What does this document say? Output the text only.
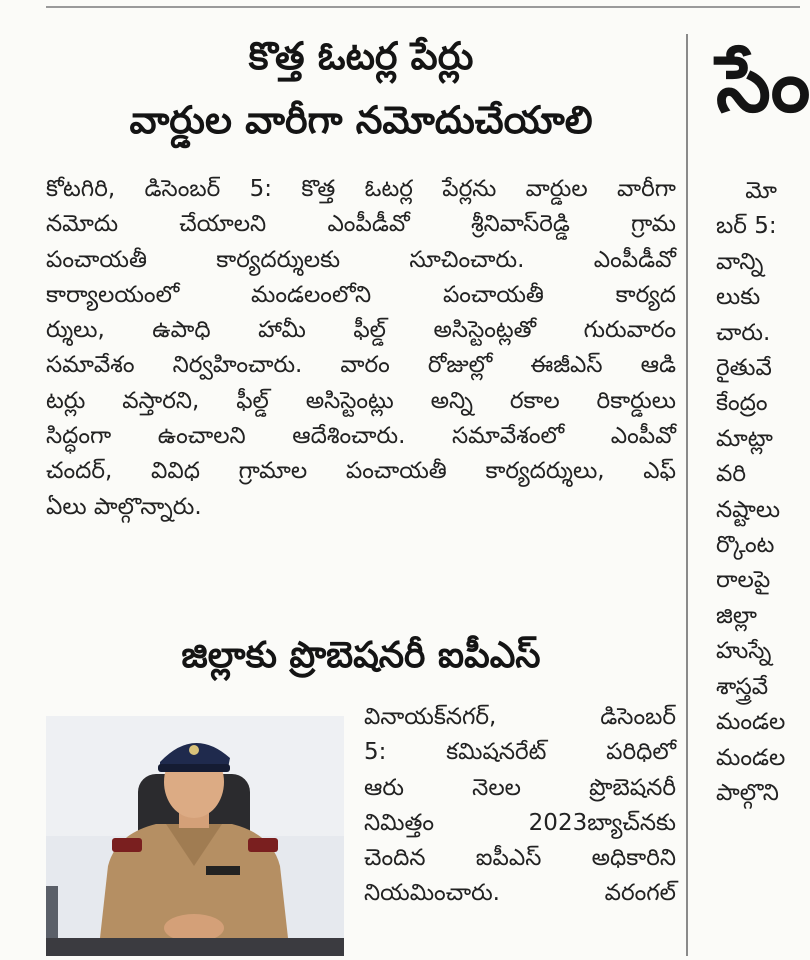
కొత్త ఓటర్ల పేర్లు
వార్డుల వారీగా నమోదుచేయాలి
కోటగిరి, డిసెంబర్ 5: కొత్త ఓటర్ల పేర్లను వార్డుల వారీగా
నమోదు చేయాలని ఎంపీడీవో శ్రీనివాస్‌రెడ్డి గ్రామ
పంచాయతీ కార్యదర్శులకు సూచించారు. ఎంపీడీవో
కార్యాలయంలో మండలంలోని పంచాయతీ కార్యద
ర్శులు, ఉపాధి హామీ ఫీల్డ్ అసిస్టెంట్లతో గురువారం
సమావేశం నిర్వహించారు. వారం రోజుల్లో ఈజీఎస్ ఆడి
టర్లు వస్తారని, ఫీల్డ్ అసిస్టెంట్లు అన్ని రకాల రికార్డులు
సిద్ధంగా ఉంచాలని ఆదేశించారు. సమావేశంలో ఎంపీవో
చందర్, వివిధ గ్రామాల పంచాయతీ కార్యదర్శులు, ఎఫ్
ఏలు పాల్గొన్నారు.
జిల్లాకు ప్రొబెషనరీ ఐపీఎస్
వినాయక్‌నగర్, డిసెంబర్
5: కమిషనరేట్ పరిధిలో
ఆరు నెలల ప్రొబెషనరీ
నిమిత్తం 2023బ్యాచ్‌నకు
చెందిన ఐపీఎస్ అధికారిని
నియమించారు. వరంగల్
సేం
మో
బర్ 5:
వాన్ని
లుకు
చారు.
రైతువే
కేంద్రం
మాట్లా
వరి
నష్టాలు
ర్కొంట
రాలపై
జిల్లా
హుస్నే
శాస్త్రవే
మండల
మండల
పాల్గొని
